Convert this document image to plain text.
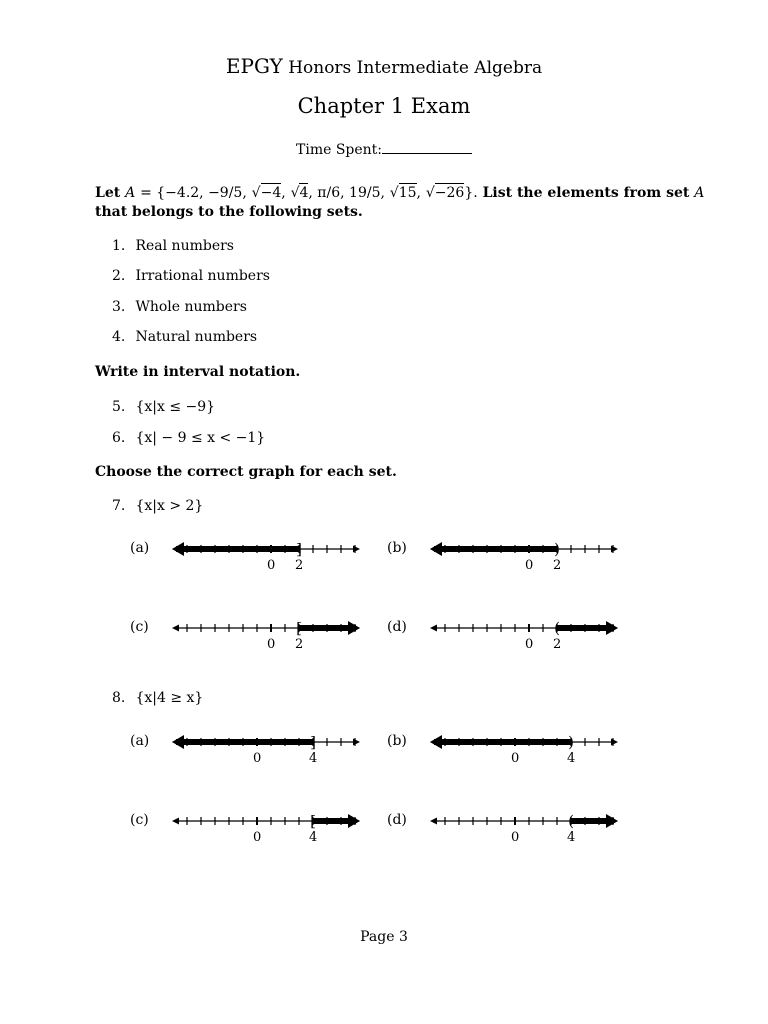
EPGY Honors Intermediate Algebra
Chapter 1 Exam
Time Spent:
Let A = {−4.2, −9/5, √−4, √4, π/6, 19/5, √15, √−26}. List the elements from set A
that belongs to the following sets.
1. Real numbers
2. Irrational numbers
3. Whole numbers
4. Natural numbers
Write in interval notation.
5. {x|x ≤ −9}
6. {x| − 9 ≤ x < −1}
Choose the correct graph for each set.
7. {x|x > 2}
8. {x|4 ≥ x}
(a)	]
0 2
(b)	)
0 2
(c)	[
0 2
(d)	(
0 2
(a)	]
0	4
(b)	)
0	4
(c)	[
0	4
(d)	(
0	4
Page 3
